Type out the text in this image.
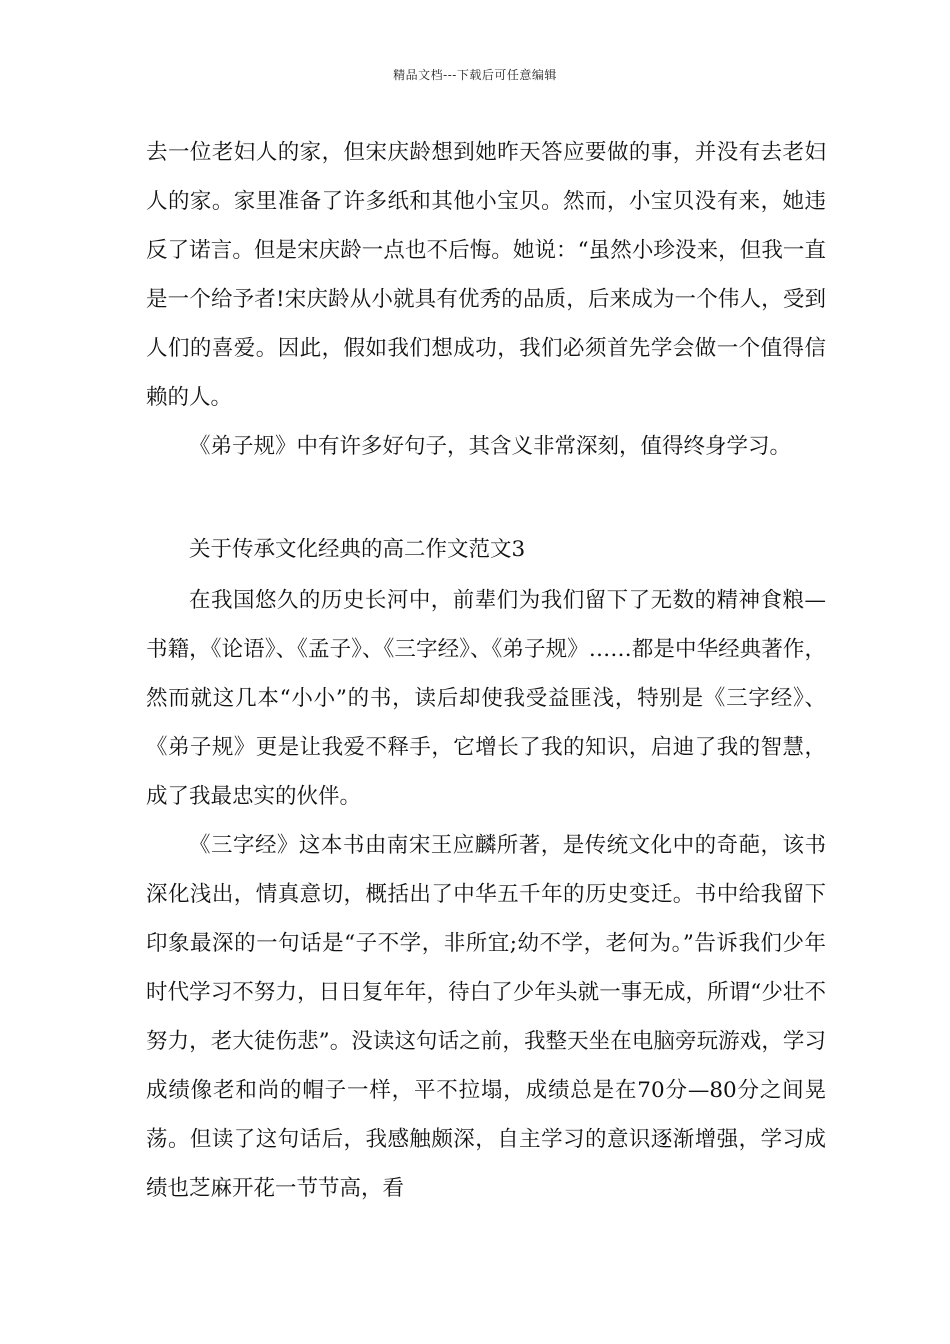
精品文档---下载后可任意编辑

去一位老妇人的家，但宋庆龄想到她昨天答应要做的事，并没有去老妇人的家。家里准备了许多纸和其他小宝贝。然而，小宝贝没有来，她违反了诺言。但是宋庆龄一点也不后悔。她说：“虽然小珍没来，但我一直是一个给予者!宋庆龄从小就具有优秀的品质，后来成为一个伟人，受到人们的喜爱。因此，假如我们想成功，我们必须首先学会做一个值得信赖的人。

《弟子规》中有许多好句子，其含义非常深刻，值得终身学习。

关于传承文化经典的高二作文范文3

在我国悠久的历史长河中，前辈们为我们留下了无数的精神食粮—书籍，《论语》、《孟子》、《三字经》、《弟子规》……都是中华经典著作，然而就这几本“小小”的书，读后却使我受益匪浅，特别是《三字经》、《弟子规》更是让我爱不释手，它增长了我的知识，启迪了我的智慧，成了我最忠实的伙伴。

《三字经》这本书由南宋王应麟所著，是传统文化中的奇葩，该书深化浅出，情真意切，概括出了中华五千年的历史变迁。书中给我留下印象最深的一句话是“子不学，非所宜;幼不学，老何为。”告诉我们少年时代学习不努力，日日复年年，待白了少年头就一事无成，所谓“少壮不努力，老大徒伤悲”。没读这句话之前，我整天坐在电脑旁玩游戏，学习成绩像老和尚的帽子一样，平不拉塌，成绩总是在70分—80分之间晃荡。但读了这句话后，我感触颇深，自主学习的意识逐渐增强，学习成绩也芝麻开花一节节高，看
